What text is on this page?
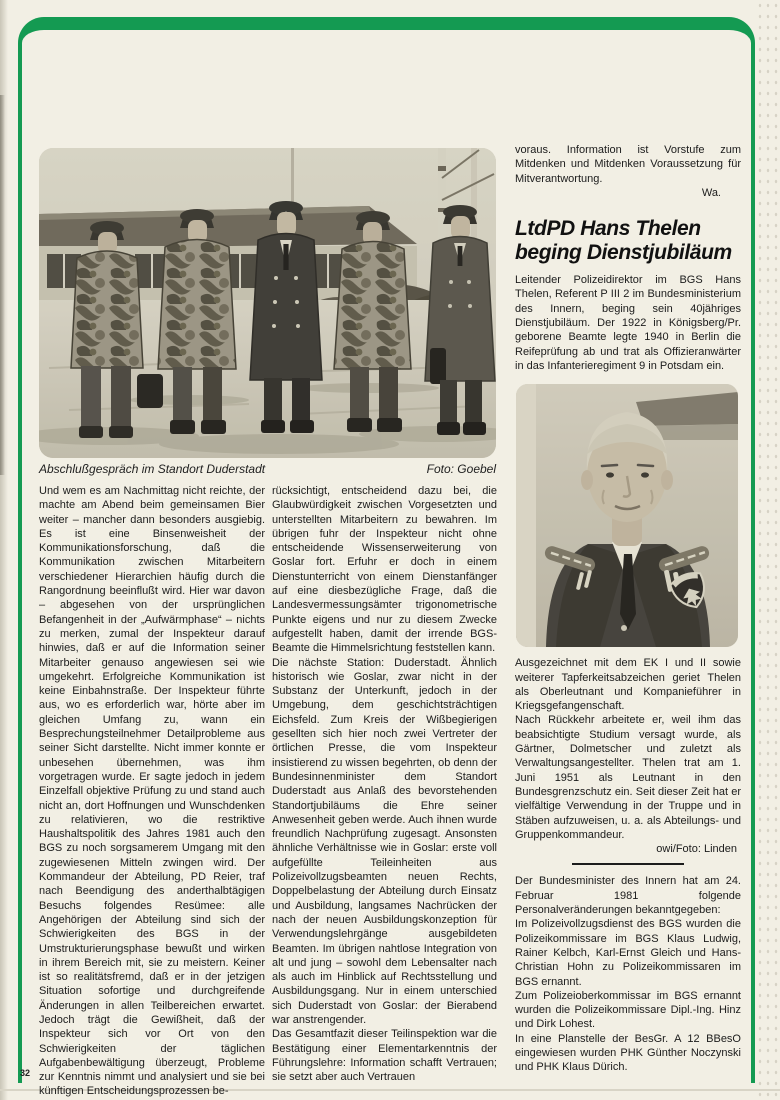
Abschlußgespräch im Standort Duderstadt	Foto: Goebel

Und wem es am Nachmittag nicht reichte, der machte am Abend beim gemeinsamen Bier weiter – mancher dann besonders ausgiebig. Es ist eine Binsenweisheit der Kommunikationsforschung, daß die Kommunikation zwischen Mitarbeitern verschiedener Hierarchien häufig durch die Rangordnung beeinflußt wird. Hier war davon – abgesehen von der ursprünglichen Befangenheit in der „Aufwärmphase“ – nichts zu merken, zumal der Inspekteur darauf hinwies, daß er auf die Information seiner Mitarbeiter genauso angewiesen sei wie umgekehrt. Erfolgreiche Kommunikation ist keine Einbahnstraße. Der Inspekteur führte aus, wo es erforderlich war, hörte aber im gleichen Umfang zu, wann ein Besprechungsteilnehmer Detailprobleme aus seiner Sicht darstellte. Nicht immer konnte er unbesehen übernehmen, was ihm vorgetragen wurde. Er sagte jedoch in jedem Einzelfall objektive Prüfung zu und stand auch nicht an, dort Hoffnungen und Wunschdenken zu relativieren, wo die restriktive Haushaltspolitik des Jahres 1981 auch den BGS zu noch sorgsamerem Umgang mit den zugewiesenen Mitteln zwingen wird. Der Kommandeur der Abteilung, PD Reier, traf nach Beendigung des anderthalbtägigen Besuchs folgendes Resümee: alle Angehörigen der Abteilung sind sich der Schwierigkeiten des BGS in der Umstrukturierungsphase bewußt und wirken in ihrem Bereich mit, sie zu meistern. Keiner ist so realitätsfremd, daß er in der jetzigen Situation sofortige und durchgreifende Änderungen in allen Teilbereichen erwartet. Jedoch trägt die Gewißheit, daß der Inspekteur sich vor Ort von den Schwierigkeiten der täglichen Aufgabenbewältigung überzeugt, Probleme zur Kenntnis nimmt und analysiert und sie bei künftigen Entscheidungsprozessen be-

rücksichtigt, entscheidend dazu bei, die Glaubwürdigkeit zwischen Vorgesetzten und unterstellten Mitarbeitern zu bewahren. Im übrigen fuhr der Inspekteur nicht ohne entscheidende Wissenserweiterung von Goslar fort. Erfuhr er doch in einem Dienstunterricht von einem Dienstanfänger auf eine diesbezügliche Frage, daß die Landesvermessungsämter trigonometrische Punkte eigens und nur zu diesem Zwecke aufgestellt haben, damit der irrende BGS-Beamte die Himmelsrichtung feststellen kann.

Die nächste Station: Duderstadt. Ähnlich historisch wie Goslar, zwar nicht in der Substanz der Unterkunft, jedoch in der Umgebung, dem geschichtsträchtigen Eichsfeld. Zum Kreis der Wißbegierigen gesellten sich hier noch zwei Vertreter der örtlichen Presse, die vom Inspekteur insistierend zu wissen begehrten, ob denn der Bundesinnenminister dem Standort Duderstadt aus Anlaß des bevorstehenden Standortjubiläums die Ehre seiner Anwesenheit geben werde. Auch ihnen wurde freundlich Nachprüfung zugesagt. Ansonsten ähnliche Verhältnisse wie in Goslar: erste voll aufgefüllte Teileinheiten aus Polizeivollzugsbeamten neuen Rechts, Doppelbelastung der Abteilung durch Einsatz und Ausbildung, langsames Nachrücken der nach der neuen Ausbildungskonzeption für Verwendungslehrgänge ausgebildeten Beamten. Im übrigen nahtlose Integration von alt und jung – sowohl dem Lebensalter nach als auch im Hinblick auf Rechtsstellung und Ausbildungsgang. Nur in einem unterschied sich Duderstadt von Goslar: der Bierabend war anstrengender.

Das Gesamtfazit dieser Teilinspektion war die Bestätigung einer Elementarkenntnis der Führungslehre: Information schafft Vertrauen; sie setzt aber auch Vertrauen

voraus. Information ist Vorstufe zum Mitdenken und Mitdenken Voraussetzung für Mitverantwortung.

Wa.

LtdPD Hans Thelen
beging Dienstjubiläum

Leitender Polizeidirektor im BGS Hans Thelen, Referent P III 2 im Bundesministerium des Innern, beging sein 40jähriges Dienstjubiläum. Der 1922 in Königsberg/Pr. geborene Beamte legte 1940 in Berlin die Reifeprüfung ab und trat als Offizieranwärter in das Infanterieregiment 9 in Potsdam ein.

Ausgezeichnet mit dem EK I und II sowie weiterer Tapferkeitsabzeichen geriet Thelen als Oberleutnant und Kompanieführer in Kriegsgefangenschaft.

Nach Rückkehr arbeitete er, weil ihm das beabsichtigte Studium versagt wurde, als Gärtner, Dolmetscher und zuletzt als Verwaltungsangestellter. Thelen trat am 1. Juni 1951 als Leutnant in den Bundesgrenzschutz ein. Seit dieser Zeit hat er vielfältige Verwendung in der Truppe und in Stäben aufzuweisen, u. a. als Abteilungs- und Gruppenkommandeur.

owi/Foto: Linden

Der Bundesminister des Innern hat am 24. Februar 1981 folgende Personalveränderungen bekanntgegeben:

Im Polizeivollzugsdienst des BGS wurden die Polizeikommissare im BGS Klaus Ludwig, Rainer Kelbch, Karl-Ernst Gleich und Hans-Christian Hohn zu Polizeikommissaren im BGS ernannt.

Zum Polizeioberkommissar im BGS ernannt wurden die Polizeikommissare Dipl.-Ing. Hinz und Dirk Lohest.

In eine Planstelle der BesGr. A 12 BBesO eingewiesen wurden PHK Günther Noczynski und PHK Klaus Dürich.

32
